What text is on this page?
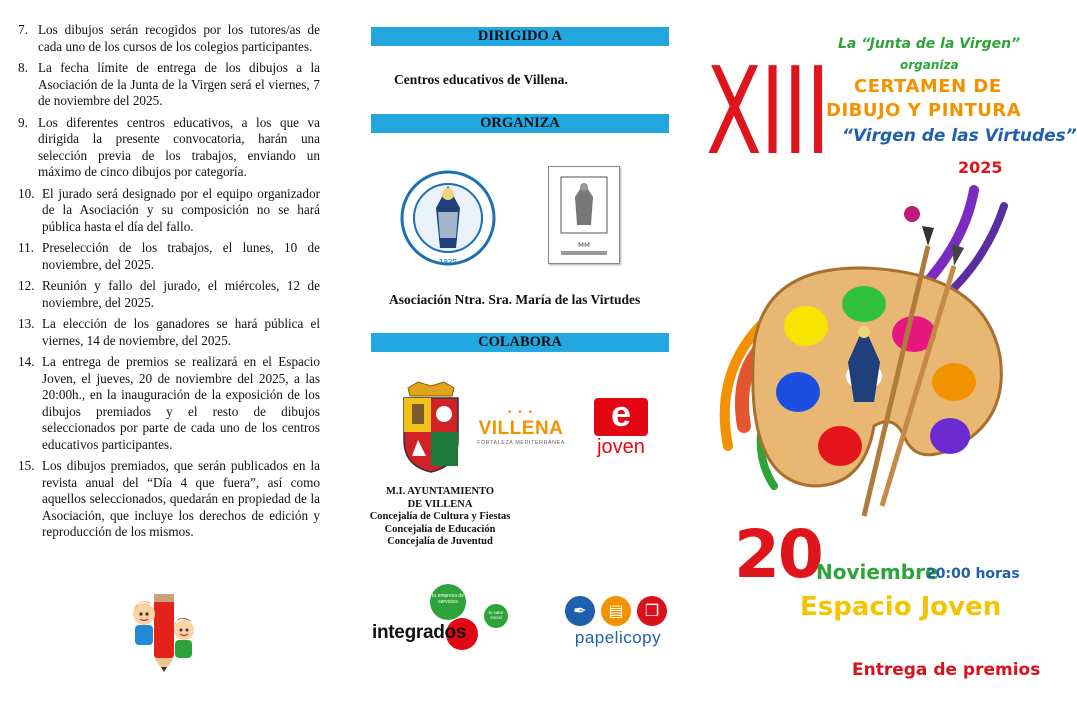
7. Los dibujos serán recogidos por los tutores/as de cada uno de los cursos de los colegios participantes.
8. La fecha límite de entrega de los dibujos a la Asociación de la Junta de la Virgen será el viernes, 7 de noviembre del 2025.
9. Los diferentes centros educativos, a los que va dirigida la presente convocatoria, harán una selección previa de los trabajos, enviando un máximo de cinco dibujos por categoría.
10. El jurado será designado por el equipo organizador de la Asociación y su composición no se hará pública hasta el día del fallo.
11. Preselección de los trabajos, el lunes, 10 de noviembre, del 2025.
12. Reunión y fallo del jurado, el miércoles, 12 de noviembre, del 2025.
13. La elección de los ganadores se hará pública el viernes, 14 de noviembre, del 2025.
14. La entrega de premios se realizará en el Espacio Joven, el jueves, 20 de noviembre del 2025, a las 20:00h., en la inauguración de la exposición de los dibujos premiados y el resto de dibujos seleccionados por parte de cada uno de los centros educativos participantes.
15. Los dibujos premiados, que serán publicados en la revista anual del “Día 4 que fuera”, así como aquellos seleccionados, quedarán en propiedad de la Asociación, que incluye los derechos de edición y reproducción de los mismos.
DIRIGIDO A
Centros educativos de Villena.
ORGANIZA
1925
ᴍᴍ
Asociación Ntra. Sra. María de las Virtudes
COLABORA
• • •
VILLENA
FORTALEZA MEDITERRÁNEA
e
joven
M.I. AYUNTAMIENTO
DE VILLENA
Concejalía de Cultura y Fiestas
Concejalía de Educación
Concejalía de Juventud
tu empresa de servicios
tu valor social
integrados
✒	▤	❐
papelicopy
XIII La “Junta de la Virgen”
organiza
CERTAMEN DE
DIBUJO Y PINTURA
“Virgen de las Virtudes”
2025
20
Noviembre
20:00 horas
Espacio Joven
Entrega de premios
